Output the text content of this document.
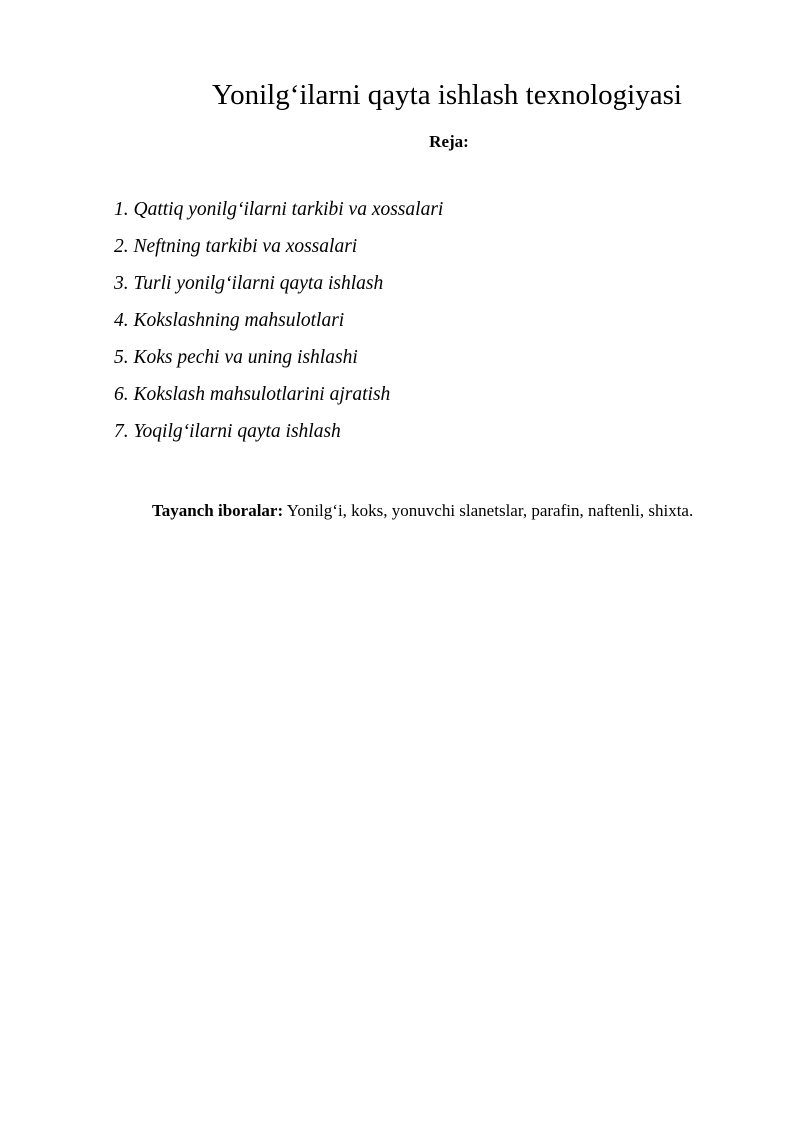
Yonilg‘ilarni qayta ishlash texnologiyasi
Reja:
1. Qattiq yonilg‘ilarni tarkibi va xossalari
2. Neftning tarkibi va xossalari
3. Turli yonilg‘ilarni qayta ishlash
4. Kokslashning mahsulotlari
5. Koks pechi va uning ishlashi
6. Kokslash mahsulotlarini ajratish
7. Yoqilg‘ilarni qayta ishlash

Tayanch iboralar: Yonilg‘i, koks, yonuvchi slanetslar, parafin, naftenli, shixta.
